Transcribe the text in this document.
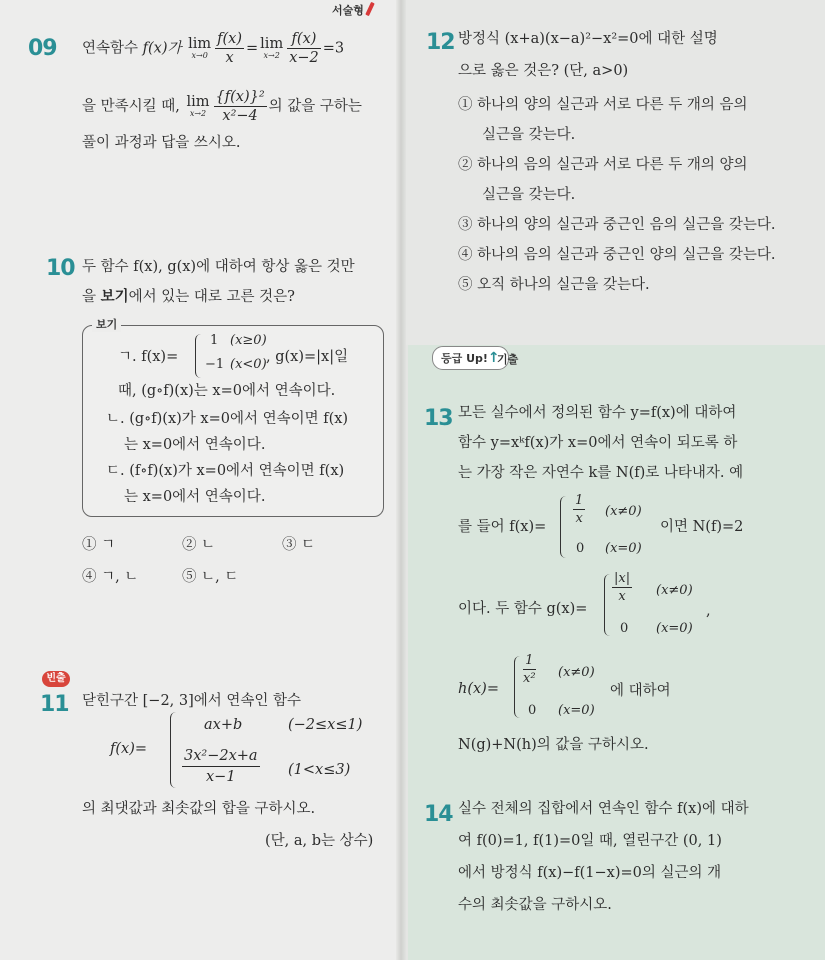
서술형
09 연속함수 f(x)가 lim
$x\to 0 \frac{f(x)}{x} = \lim$
$x\to 2 \frac{f(x)}{x-2} =3$
을 만족시킬 때, lim
$x\to 2 \frac{\text{\{f(x)\}²}}{\text{x²−4}}$ 의 값을 구하는
풀이 과정과 답을 쓰시오.
10 두 함수 f(x), g(x)에 대하여 항상 옳은 것만
을 보기에서 있는 대로 고른 것은?
보기
ㄱ. f(x)=
1 (x≥0)
−1 (x<0) , g(x)=|x|일
때, (g∘f)(x)는 x=0에서 연속이다.
ㄴ. (g∘f)(x)가 x=0에서 연속이면 f(x)
는 x=0에서 연속이다.
ㄷ. (f∘f)(x)가 x=0에서 연속이면 f(x)
는 x=0에서 연속이다.
① ㄱ	② ㄴ	③ ㄷ
④ ㄱ, ㄴ	⑤ ㄴ, ㄷ
빈출
11 닫힌구간 [−2, 3]에서 연속인 함수
f(x)=
ax+b	(−2≤x≤1)
$\frac{\text{3x²−2x+a}}{x-1} (1<x\le 3)$
의 최댓값과 최솟값의 합을 구하시오.
(단, a, b는 상수)
12 방정식 (x+a)(x−a)²−x²=0에 대한 설명
으로 옳은 것은? (단, a>0)
① 하나의 양의 실근과 서로 다른 두 개의 음의
실근을 갖는다.
② 하나의 음의 실근과 서로 다른 두 개의 양의
실근을 갖는다.
③ 하나의 양의 실근과 중근인 음의 실근을 갖는다.
④ 하나의 음의 실근과 중근인 양의 실근을 갖는다.
⑤ 오직 하나의 실근을 갖는다.
등급 Up!↑
기출
13 모든 실수에서 정의된 함수 y=f(x)에 대하여
함수 y=xᵏf(x)가 x=0에서 연속이 되도록 하
는 가장 작은 자연수 k를 N(f)로 나타내자. 예
를 들어 $f(x)= \frac{1}{x} (x\ne 0)$
0 (x=0)
이면 N(f)=2
이다. 두 함수 g(x)=
$\frac{|x|}{x} (x\ne 0)$
0 (x=0)
,
h(x)=
$\frac{1}{\text{x²}} (x\ne 0)$
0 (x=0)
에 대하여
N(g)+N(h)의 값을 구하시오.
14 실수 전체의 집합에서 연속인 함수 f(x)에 대하
여 f(0)=1, f(1)=0일 때, 열린구간 (0, 1)
에서 방정식 f(x)−f(1−x)=0의 실근의 개
수의 최솟값을 구하시오.
